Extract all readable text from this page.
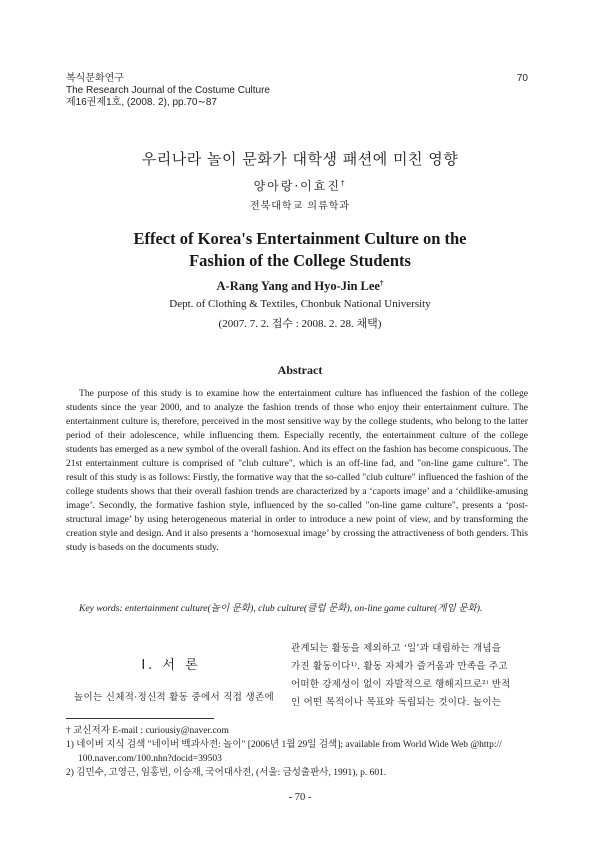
복식문화연구
The Research Journal of the Costume Culture
제16권제1호, (2008. 2), pp.70∼87
70
우리나라 놀이 문화가 대학생 패션에 미친 영향
양아랑·이효진†
전북대학교 의류학과
Effect of Korea's Entertainment Culture on the
Fashion of the College Students
A-Rang Yang and Hyo-Jin Lee†
Dept. of Clothing & Textiles, Chonbuk National University
(2007. 7. 2. 접수 : 2008. 2. 28. 채택)
Abstract
The purpose of this study is to examine how the entertainment culture has influenced the fashion of the college students since the year 2000, and to analyze the fashion trends of those who enjoy their entertainment culture. The entertainment culture is, therefore, perceived in the most sensitive way by the college students, who belong to the latter period of their adolescence, while influencing them. Especially recently, the entertainment culture of the college students has emerged as a new symbol of the overall fashion. And its effect on the fashion has become conspicuous. The 21st entertainment culture is comprised of "club culture", which is an off-line fad, and "on-line game culture". The result of this study is as follows: Firstly, the formative way that the so-called "club culture" influenced the fashion of the college students shows that their overall fashion trends are characterized by a ‘caports image’ and a ‘childlike-amusing image’. Secondly, the formative fashion style, influenced by the so-called "on-line game culture", presents a ‘post- structural image’ by using heterogeneous material in order to introduce a new point of view, and by transforming the creation style and design. And it also presents a ‘homosexual image’ by crossing the attractiveness of both genders. This study is baseds on the documents study.
Key words: entertainment culture(놀이 문화), club culture(클럽 문화), on-line game culture(게임 문화).
Ⅰ. 서 론
놀이는 신체적·정신적 활동 중에서 직접 생존에
관계되는 활동을 제외하고 ‘일’과 대립하는 개념을
가진 활동이다¹⁾. 활동 자체가 즐거움과 만족을 주고
어떠한 강제성이 없이 자발적으로 행해지므로²⁾ 반적
인 어떤 목적이나 목표와 독립되는 것이다. 놀이는
† 교신저자 E-mail : curiousiy@naver.com
1) 네이버 지식 검색 "네이버 백과사전: 놀이" [2006년 1월 29일 검색]; available from World Wide Web @http://
100.naver.com/100.nhn?docid=39503
2) 김민수, 고영근, 임홍빈, 이승재, 국어대사전, (서울: 금성출판사, 1991), p. 601.
- 70 -
